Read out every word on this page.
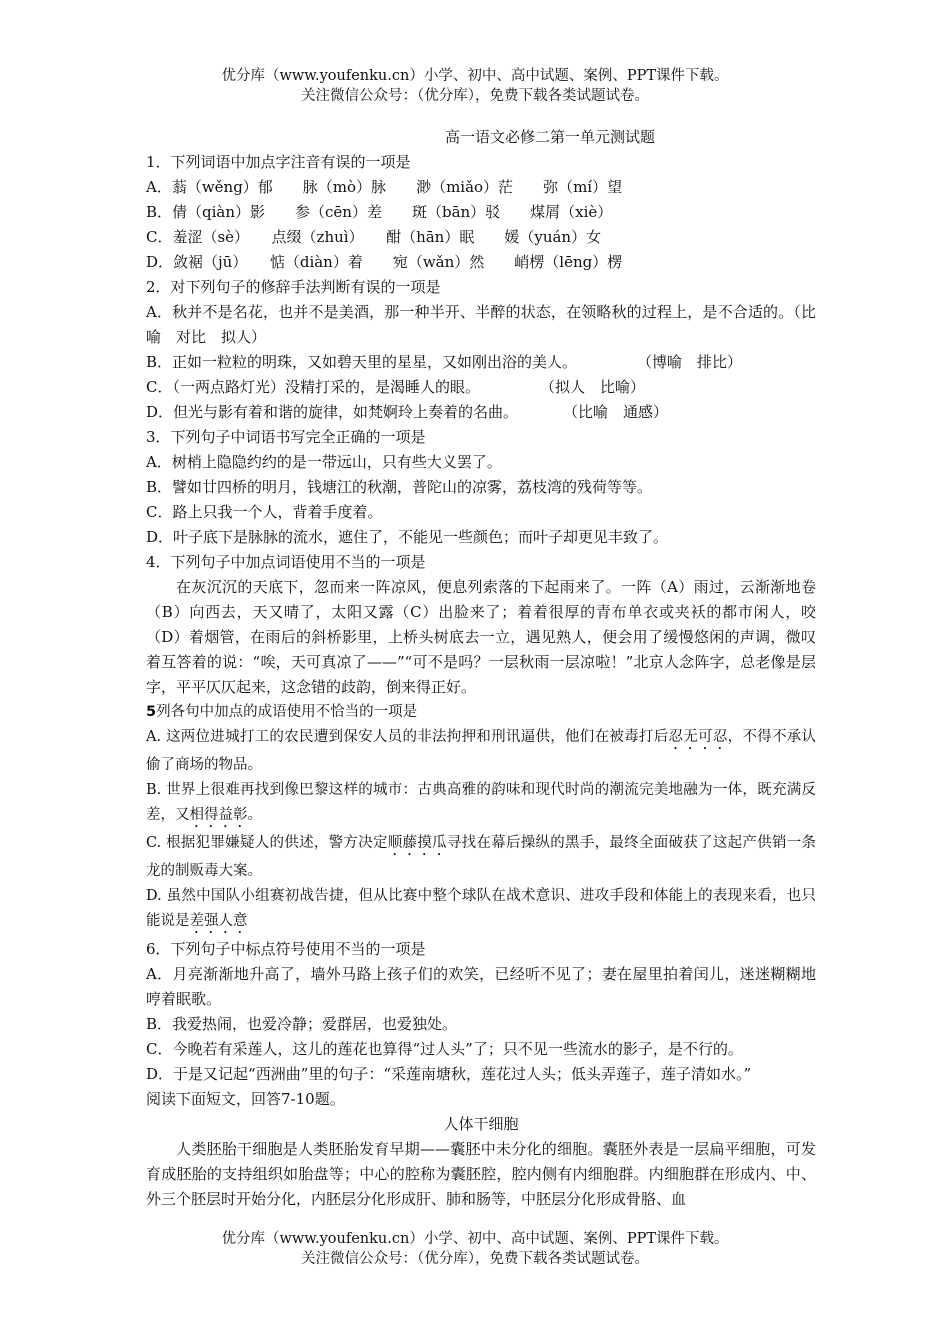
优分库（www.youfenku.cn）小学、初中、高中试题、案例、PPT课件下载。
关注微信公众号：（优分库），免费下载各类试题试卷。
高一语文必修二第一单元测试题
1．下列词语中加点字注音有误的一项是
A．蓊（wěng）郁　　脉（mò）脉　　渺（miǎo）茫　　弥（mí）望
B．倩（qiàn）影　　参（cēn）差　　斑（bān）驳　　煤屑（xiè）
C．羞涩（sè）　　点缀（zhuì）　　酣（hān）眠　　媛（yuán）女
D．敛裾（jū）　　惦（diàn）着　　宛（wǎn）然　　峭楞（lēng）楞
2．对下列句子的修辞手法判断有误的一项是
A．秋并不是名花，也并不是美酒，那一种半开、半醉的状态，在领略秋的过程上，是不合适的。（比喻　对比　拟人）
B．正如一粒粒的明珠，又如碧天里的星星，又如刚出浴的美人。　　　　　（博喻　排比）
C．（一两点路灯光）没精打采的，是渴睡人的眼。　　　　　（拟人　比喻）
D．但光与影有着和谐的旋律，如梵婀玲上奏着的名曲。　　　　（比喻　通感）
3．下列句子中词语书写完全正确的一项是
A．树梢上隐隐约约的是一带远山，只有些大义罢了。
B．譬如廿四桥的明月，钱塘江的秋潮，普陀山的凉雾，荔枝湾的残荷等等。
C．路上只我一个人，背着手度着。
D．叶子底下是脉脉的流水，遮住了，不能见一些颜色；而叶子却更见丰致了。
4．下列句子中加点词语使用不当的一项是
在灰沉沉的天底下，忽而来一阵凉风，便息列索落的下起雨来了。一阵（A）雨过，云渐渐地卷（B）向西去，天又晴了，太阳又露（C）出脸来了；着着很厚的青布单衣或夹袄的都市闲人，咬（D）着烟管，在雨后的斜桥影里，上桥头树底去一立，遇见熟人，便会用了缓慢悠闲的声调，微叹着互答着的说：“唉，天可真凉了——”“可不是吗？一层秋雨一层凉啦！”北京人念阵字，总老像是层字，平平仄仄起来，这念错的歧韵，倒来得正好。
5列各句中加点的成语使用不恰当的一项是
A. 这两位进城打工的农民遭到保安人员的非法拘押和刑讯逼供，他们在被毒打后忍无可忍，不得不承认偷了商场的物品。
B. 世界上很难再找到像巴黎这样的城市：古典高雅的韵味和现代时尚的潮流完美地融为一体，既充满反差，又相得益彰。
C. 根据犯罪嫌疑人的供述，警方决定顺藤摸瓜寻找在幕后操纵的黑手，最终全面破获了这起产供销一条龙的制贩毒大案。
D. 虽然中国队小组赛初战告捷，但从比赛中整个球队在战术意识、进攻手段和体能上的表现来看，也只能说是差强人意
6．下列句子中标点符号使用不当的一项是
A．月亮渐渐地升高了，墙外马路上孩子们的欢笑，已经听不见了；妻在屋里拍着闰儿，迷迷糊糊地哼着眠歌。
B．我爱热闹，也爱冷静；爱群居，也爱独处。
C．今晚若有采莲人，这儿的莲花也算得“过人头”了；只不见一些流水的影子，是不行的。
D．于是又记起“西洲曲”里的句子：“采莲南塘秋，莲花过人头；低头弄莲子，莲子清如水。”
阅读下面短文，回答7-10题。
人体干细胞
人类胚胎干细胞是人类胚胎发育早期——囊胚中未分化的细胞。囊胚外表是一层扁平细胞，可发育成胚胎的支持组织如胎盘等；中心的腔称为囊胚腔，腔内侧有内细胞群。内细胞群在形成内、中、外三个胚层时开始分化，内胚层分化形成肝、肺和肠等，中胚层分化形成骨胳、血
优分库（www.youfenku.cn）小学、初中、高中试题、案例、PPT课件下载。
关注微信公众号：（优分库），免费下载各类试题试卷。
